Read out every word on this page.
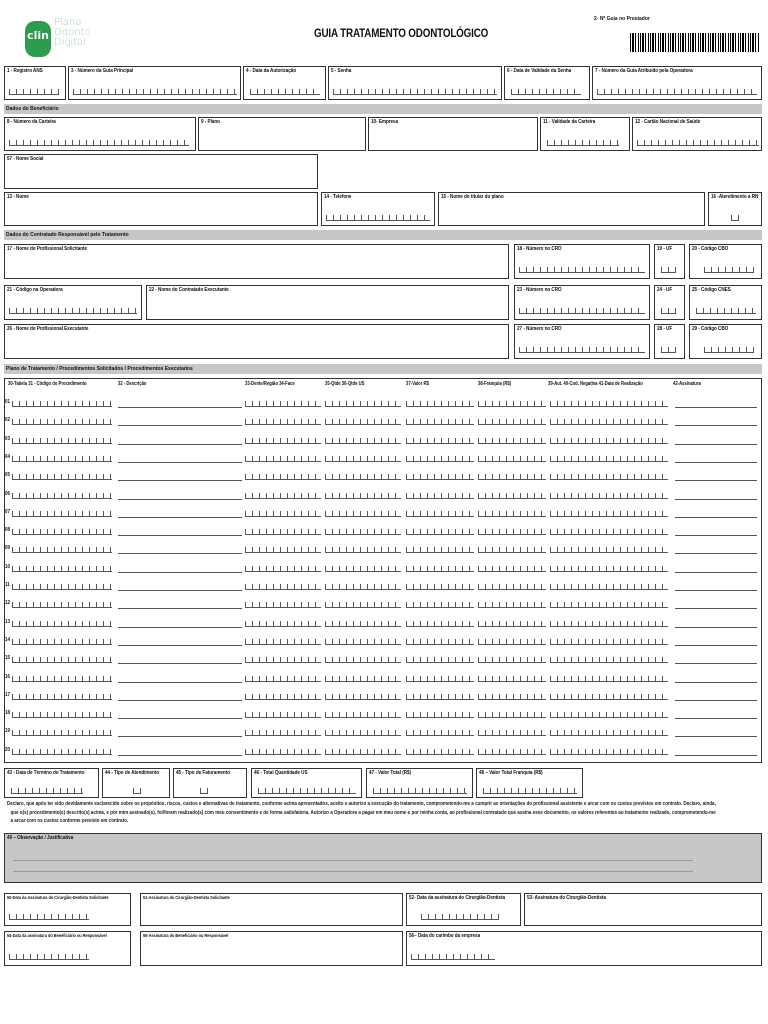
clin
Plano
Odonto
Digital
GUIA TRATAMENTO ODONTOLÓGICO
2- Nº Guia no Prestador
1 - Registro ANS	3 - Número da Guia Principal	4 - Data da Autorização	5 - Senha	6 - Data de Validade da Senha	7 - Número da Guia Atribuído pela Operadora
Dados do Beneficiário
8 - Número da Carteira	9 - Plano	10- Empresa	11 - Validade da Carteira	12 - Cartão Nacional de Saúde
57 - Nome Social
13 - Nome	14 - Telefone	15 - Nome do titular do plano	16 -Atendimento a RN
Dados do Contratado Responsável pelo Tratamento
17 - Nome do Profissional Solicitante	18 - Número no CRO	19 - UF	20 - Código CBO
21 - Código na Operadora	22 - Nome do Contratado Executante	23 - Número no CRO	24 - UF	25 - Código CNES
26 - Nome do Profissional Executante	27 - Número no CRO	28 - UF	29 - Código CBO
Plano de Tratamento / Procedimentos Solicitados / Procedimentos Executados
30-Tabela 31 - Código do Procedimento	32 - Descrição	33-Dente/Região 34-Face	35-Qtde 36-Qtde US	37-Valor R$	38-Franquia (R$)	39-Aut. 40-Cod. Negativa 41-Data de Realização	42-Assinatura
01
02
03
04
05
06
07
08
09
10
11
12
13
14
15
16
17
18
19
20
43 - Data de Término do Tratamento	44 - Tipo de Atendimento	45 - Tipo de Faturamento	46 - Total Quantidade US	47 - Valor Total (R$)	48 – Valor Total Franquia (R$)
Declaro, que após ter sido devidamente esclarecido sobre os propósitos, riscos, custos e alternativas de tratamento, conforme acima apresentados, aceito e autorizo a execução do tratamento, comprometendo-me a cumprir as orientações do profissional assistente e arcar com os custos previstos em contrato. Declaro, ainda,
que o(s) procedimento(s) descrito(s) acima, e por mim assinado(s), foi/foram realizado(s) com meu consentimento e de forma satisfatória. Autorizo a Operadora a pagar em meu nome e por minha conta, ao profissional contratado que assina esse documento, os valores referentes ao tratamento realizado, comprometendo-me
a arcar com os custos conforme previsto em contrato.
49 – Observação / Justificativa
50-Data da Assinatura do Cirurgião-Dentista Solicitante	51-Assinatura do Cirurgião-Dentista Solicitante	52- Data da assinatura do Cirurgião-Dentista	53- Assinatura do Cirurgião-Dentista
54-Data da assinatura do Beneficiário ou Responsável	55-Assinatura do Beneficiário ou Responsável	56– Data do carimbo da empresa
